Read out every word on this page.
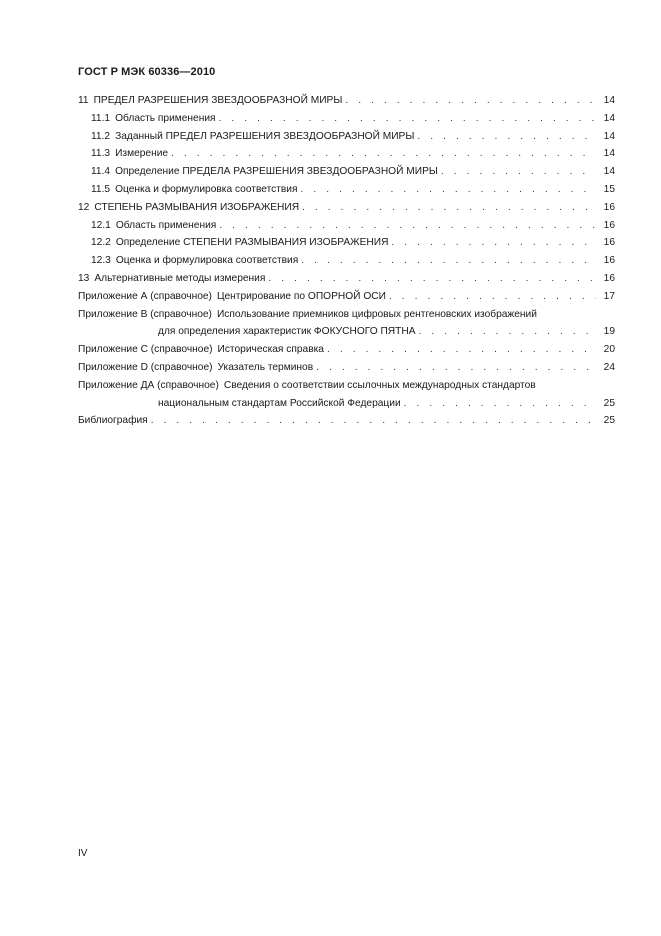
ГОСТ Р МЭК 60336—2010
11 ПРЕДЕЛ РАЗРЕШЕНИЯ ЗВЕЗДООБРАЗНОЙ МИРЫ . . .	14
11.1 Область применения . . .	14
11.2 Заданный ПРЕДЕЛ РАЗРЕШЕНИЯ ЗВЕЗДООБРАЗНОЙ МИРЫ . . .	14
11.3 Измерение . . .	14
11.4 Определение ПРЕДЕЛА РАЗРЕШЕНИЯ ЗВЕЗДООБРАЗНОЙ МИРЫ . . .	14
11.5 Оценка и формулировка соответствия . . .	15
12 СТЕПЕНЬ РАЗМЫВАНИЯ ИЗОБРАЖЕНИЯ . . .	16
12.1 Область применения . . .	16
12.2 Определение СТЕПЕНИ РАЗМЫВАНИЯ ИЗОБРАЖЕНИЯ . . .	16
12.3 Оценка и формулировка соответствия . . .	16
13 Альтернативные методы измерения . . .	16
Приложение А (справочное) Центрирование по ОПОРНОЙ ОСИ . . .	17
Приложение В (справочное) Использование приемников цифровых рентгеновских изображений
для определения характеристик ФОКУСНОГО ПЯТНА . . .	19
Приложение С (справочное) Историческая справка . . .	20
Приложение D (справочное) Указатель терминов . . .	24
Приложение ДА (справочное) Сведения о соответствии ссылочных международных стандартов
национальным стандартам Российской Федерации . . .	25
Библиография . . .	25
IV
